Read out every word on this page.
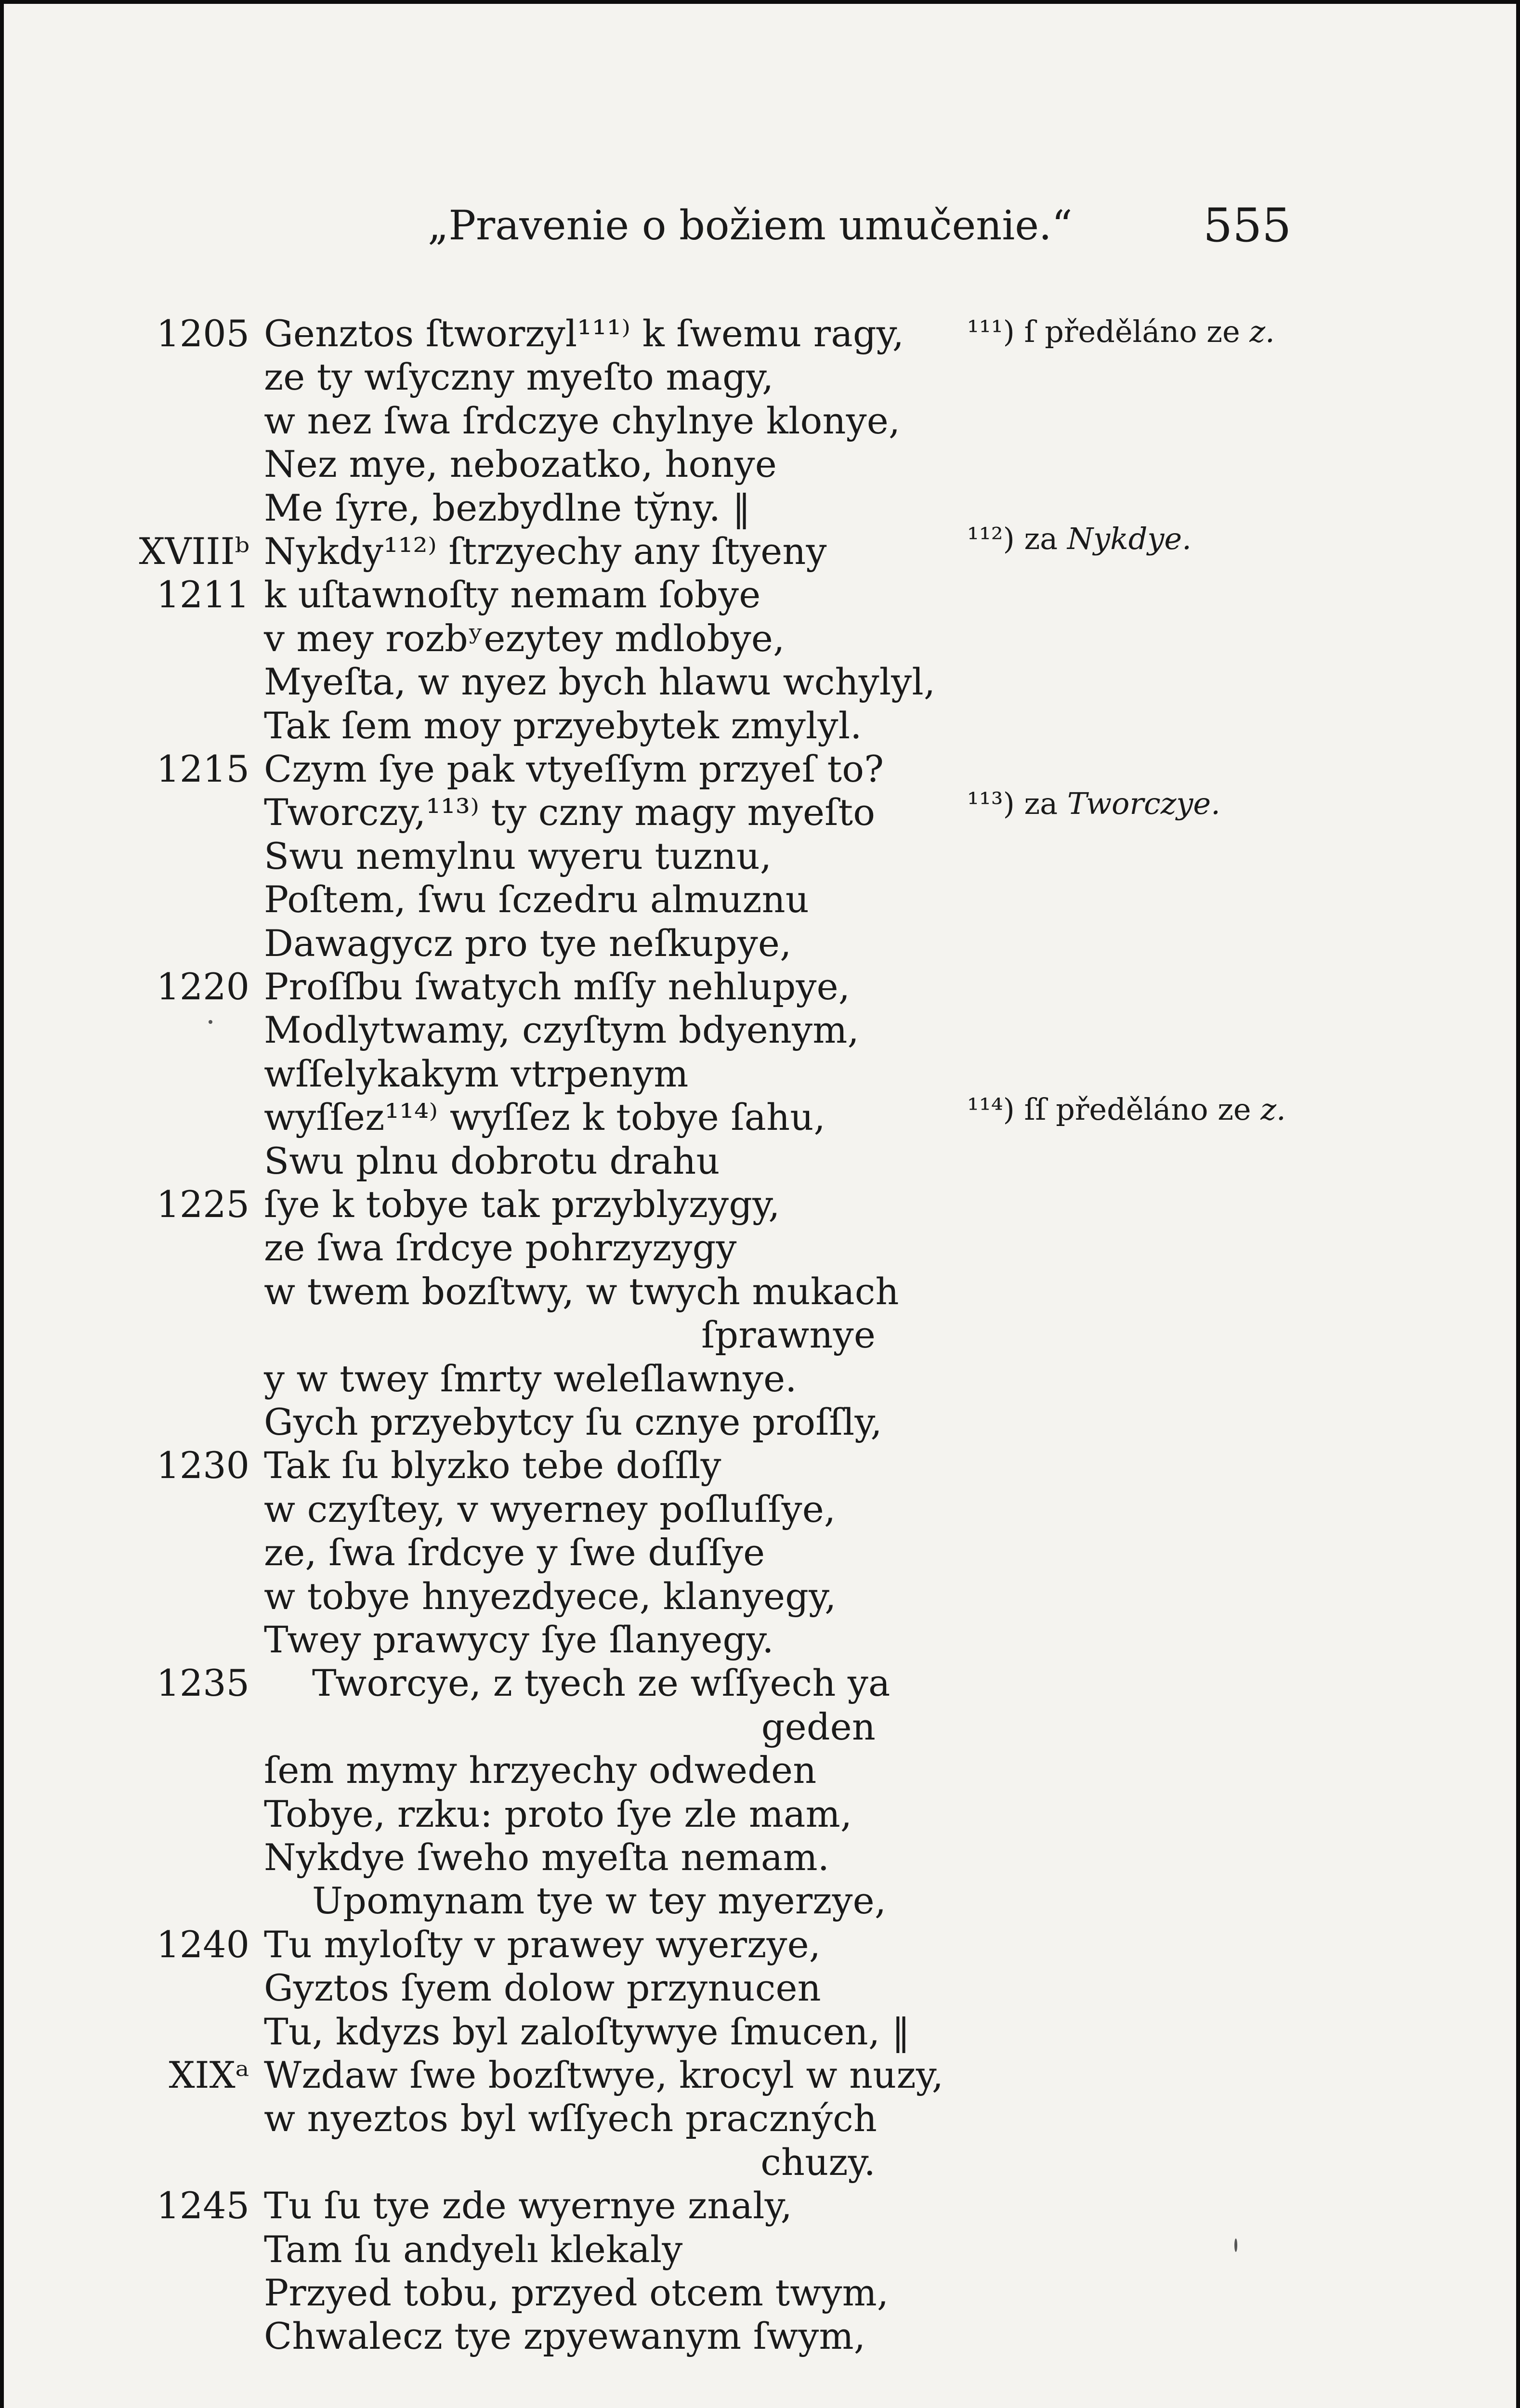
„Pravenie o božiem umučenie.“	555
1205 Genztos ſtworzyl¹¹¹⁾ k ſwemu ragy,
ze ty wſyczny myeſto magy,
w nez ſwa ſrdczye chylnye klonye,
Nez mye, nebozatko, honye
Me ſyre, bezbydlne ty̆ny. ‖
XVIIIᵇ Nykdy¹¹²⁾ ſtrzyechy any ſtyeny
1211 k uſtawnoſty nemam ſobye
v mey rozbʸezytey mdlobye,
Myeſta, w nyez bych hlawu wchylyl,
Tak ſem moy przyebytek zmylyl.
1215 Czym ſye pak vtyeſſym przyeſ to?
Tworczy,¹¹³⁾ ty czny magy myeſto
Swu nemylnu wyeru tuznu,
Poſtem, ſwu ſczedru almuznu
Dawagycz pro tye neſkupye,
1220 Proſſbu ſwatych mſſy nehlupye,
Modlytwamy, czyſtym bdyenym,
wſſelykakym vtrpenym
wyſſez¹¹⁴⁾ wyſſez k tobye ſahu,
Swu plnu dobrotu drahu
1225 ſye k tobye tak przyblyzygy,
ze ſwa ſrdcye pohrzyzygy
w twem bozſtwy, w twych mukach
ſprawnye
y w twey ſmrty weleſlawnye.
Gych przyebytcy ſu cznye proſſly,
1230 Tak ſu blyzko tebe doſſly
w czyſtey, v wyerney poſluſſye,
ze, ſwa ſrdcye y ſwe duſſye
w tobye hnyezdyece, klanyegy,
Twey prawycy ſye ſlanyegy.
1235 Tworcye, z tyech ze wſſyech ya
geden
ſem mymy hrzyechy odweden
Tobye, rzku: proto ſye zle mam,
Nykdye ſweho myeſta nemam.
Upomynam tye w tey myerzye,
1240 Tu myloſty v prawey wyerzye,
Gyztos ſyem dolow przynucen
Tu, kdyzs byl zaloſtywye ſmucen, ‖
XIXᵃ Wzdaw ſwe bozſtwye, krocyl w nuzy,
w nyeztos byl wſſyech praczných
chuzy.
1245 Tu ſu tye zde wyernye znaly,
Tam ſu andyelı klekaly
Przyed tobu, przyed otcem twym,
Chwalecz tye zpyewanym ſwym,
¹¹¹) ſ předěláno ze z.
¹¹²) za Nykdye.
¹¹³) za Tworczye.
¹¹⁴) ſſ předěláno ze z.
